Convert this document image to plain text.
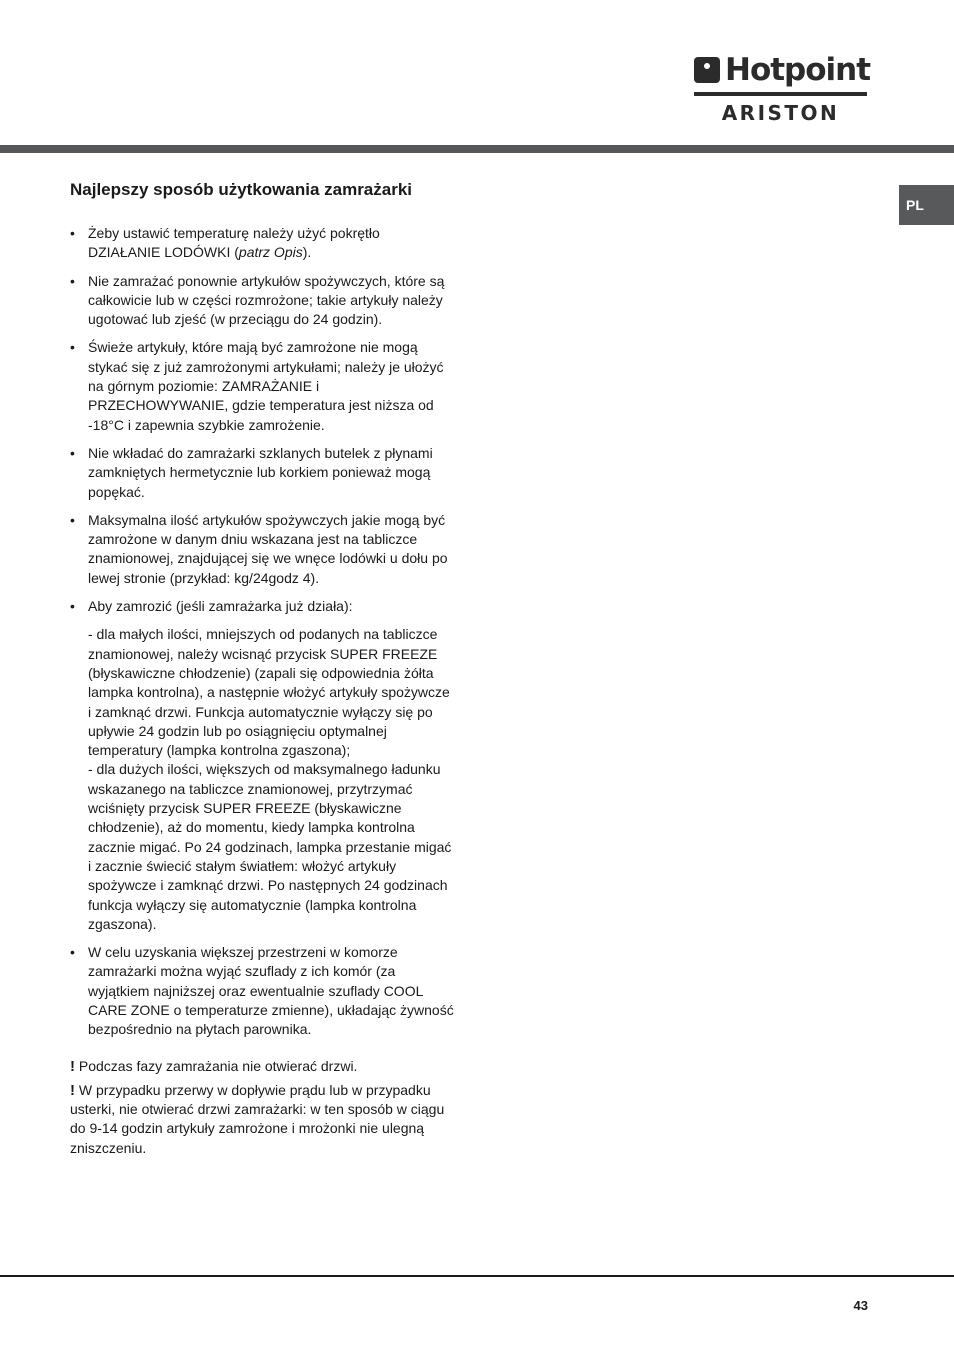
Hotpoint
ARISTON
PL
Najlepszy sposób użytkowania zamrażarki
• Żeby ustawić temperaturę należy użyć pokrętło DZIAŁANIE LODÓWKI (patrz Opis).
• Nie zamrażać ponownie artykułów spożywczych, które są całkowicie lub w części rozmrożone; takie artykuły należy ugotować lub zjeść (w przeciągu do 24 godzin).
• Świeże artykuły, które mają być zamrożone nie mogą stykać się z już zamrożonymi artykułami; należy je ułożyć na górnym poziomie: ZAMRAŻANIE i PRZECHOWYWANIE, gdzie temperatura jest niższa od -18°C i zapewnia szybkie zamrożenie.
• Nie wkładać do zamrażarki szklanych butelek z płynami zamkniętych hermetycznie lub korkiem ponieważ mogą popękać.
• Maksymalna ilość artykułów spożywczych jakie mogą być zamrożone w danym dniu wskazana jest na tabliczce znamionowej, znajdującej się we wnęce lodówki u dołu po lewej stronie (przykład: kg/24godz 4).
• Aby zamrozić (jeśli zamrażarka już działa):
- dla małych ilości, mniejszych od podanych na tabliczce znamionowej, należy wcisnąć przycisk SUPER FREEZE (błyskawiczne chłodzenie) (zapali się odpowiednia żółta lampka kontrolna), a następnie włożyć artykuły spożywcze i zamknąć drzwi. Funkcja automatycznie wyłączy się po upływie 24 godzin lub po osiągnięciu optymalnej temperatury (lampka kontrolna zgaszona);
- dla dużych ilości, większych od maksymalnego ładunku wskazanego na tabliczce znamionowej, przytrzymać wciśnięty przycisk SUPER FREEZE (błyskawiczne chłodzenie), aż do momentu, kiedy lampka kontrolna zacznie migać. Po 24 godzinach, lampka przestanie migać i zacznie świecić stałym światłem: włożyć artykuły spożywcze i zamknąć drzwi. Po następnych 24 godzinach funkcja wyłączy się automatycznie (lampka kontrolna zgaszona).
• W celu uzyskania większej przestrzeni w komorze zamrażarki można wyjąć szuflady z ich komór (za wyjątkiem najniższej oraz ewentualnie szuflady COOL CARE ZONE o temperaturze zmienne), układając żywność bezpośrednio na płytach parownika.
! Podczas fazy zamrażania nie otwierać drzwi.
! W przypadku przerwy w dopływie prądu lub w przypadku usterki, nie otwierać drzwi zamrażarki: w ten sposób w ciągu do 9-14 godzin artykuły zamrożone i mrożonki nie ulegną zniszczeniu.
43
